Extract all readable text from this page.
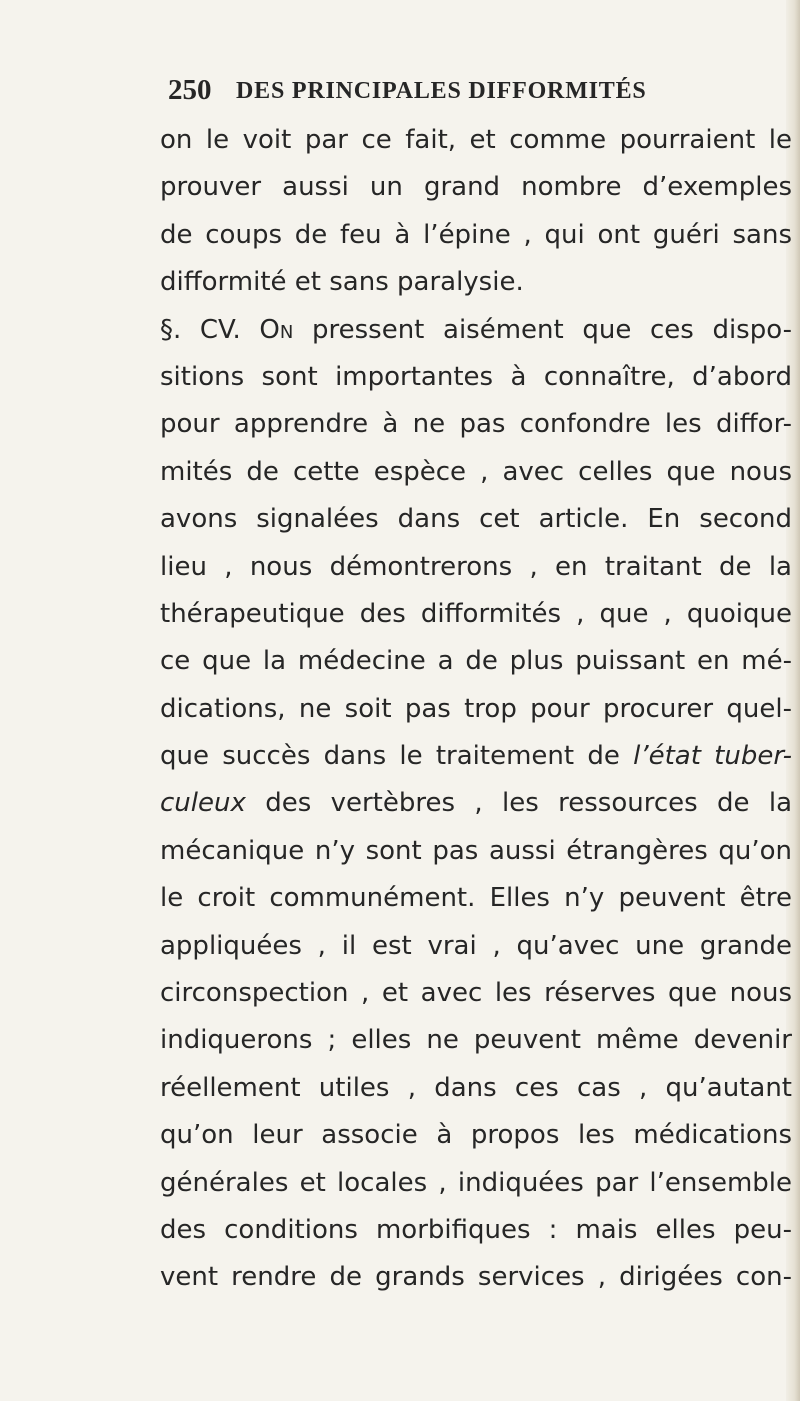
250 DES PRINCIPALES DIFFORMITÉS
on le voit par ce fait, et comme pourraient le
prouver aussi un grand nombre d’exemples
de coups de feu à l’épine , qui ont guéri sans
difformité et sans paralysie.
§. CV. On pressent aisément que ces dispo-
sitions sont importantes à connaître, d’abord
pour apprendre à ne pas confondre les diffor-
mités de cette espèce , avec celles que nous
avons signalées dans cet article. En second
lieu , nous démontrerons , en traitant de la
thérapeutique des difformités , que , quoique
ce que la médecine a de plus puissant en mé-
dications, ne soit pas trop pour procurer quel-
que succès dans le traitement de l’état tuber-
culeux des vertèbres , les ressources de la
mécanique n’y sont pas aussi étrangères qu’on
le croit communément. Elles n’y peuvent être
appliquées , il est vrai , qu’avec une grande
circonspection , et avec les réserves que nous
indiquerons ; elles ne peuvent même devenir
réellement utiles , dans ces cas , qu’autant
qu’on leur associe à propos les médications
générales et locales , indiquées par l’ensemble
des conditions morbifiques : mais elles peu-
vent rendre de grands services , dirigées con-
